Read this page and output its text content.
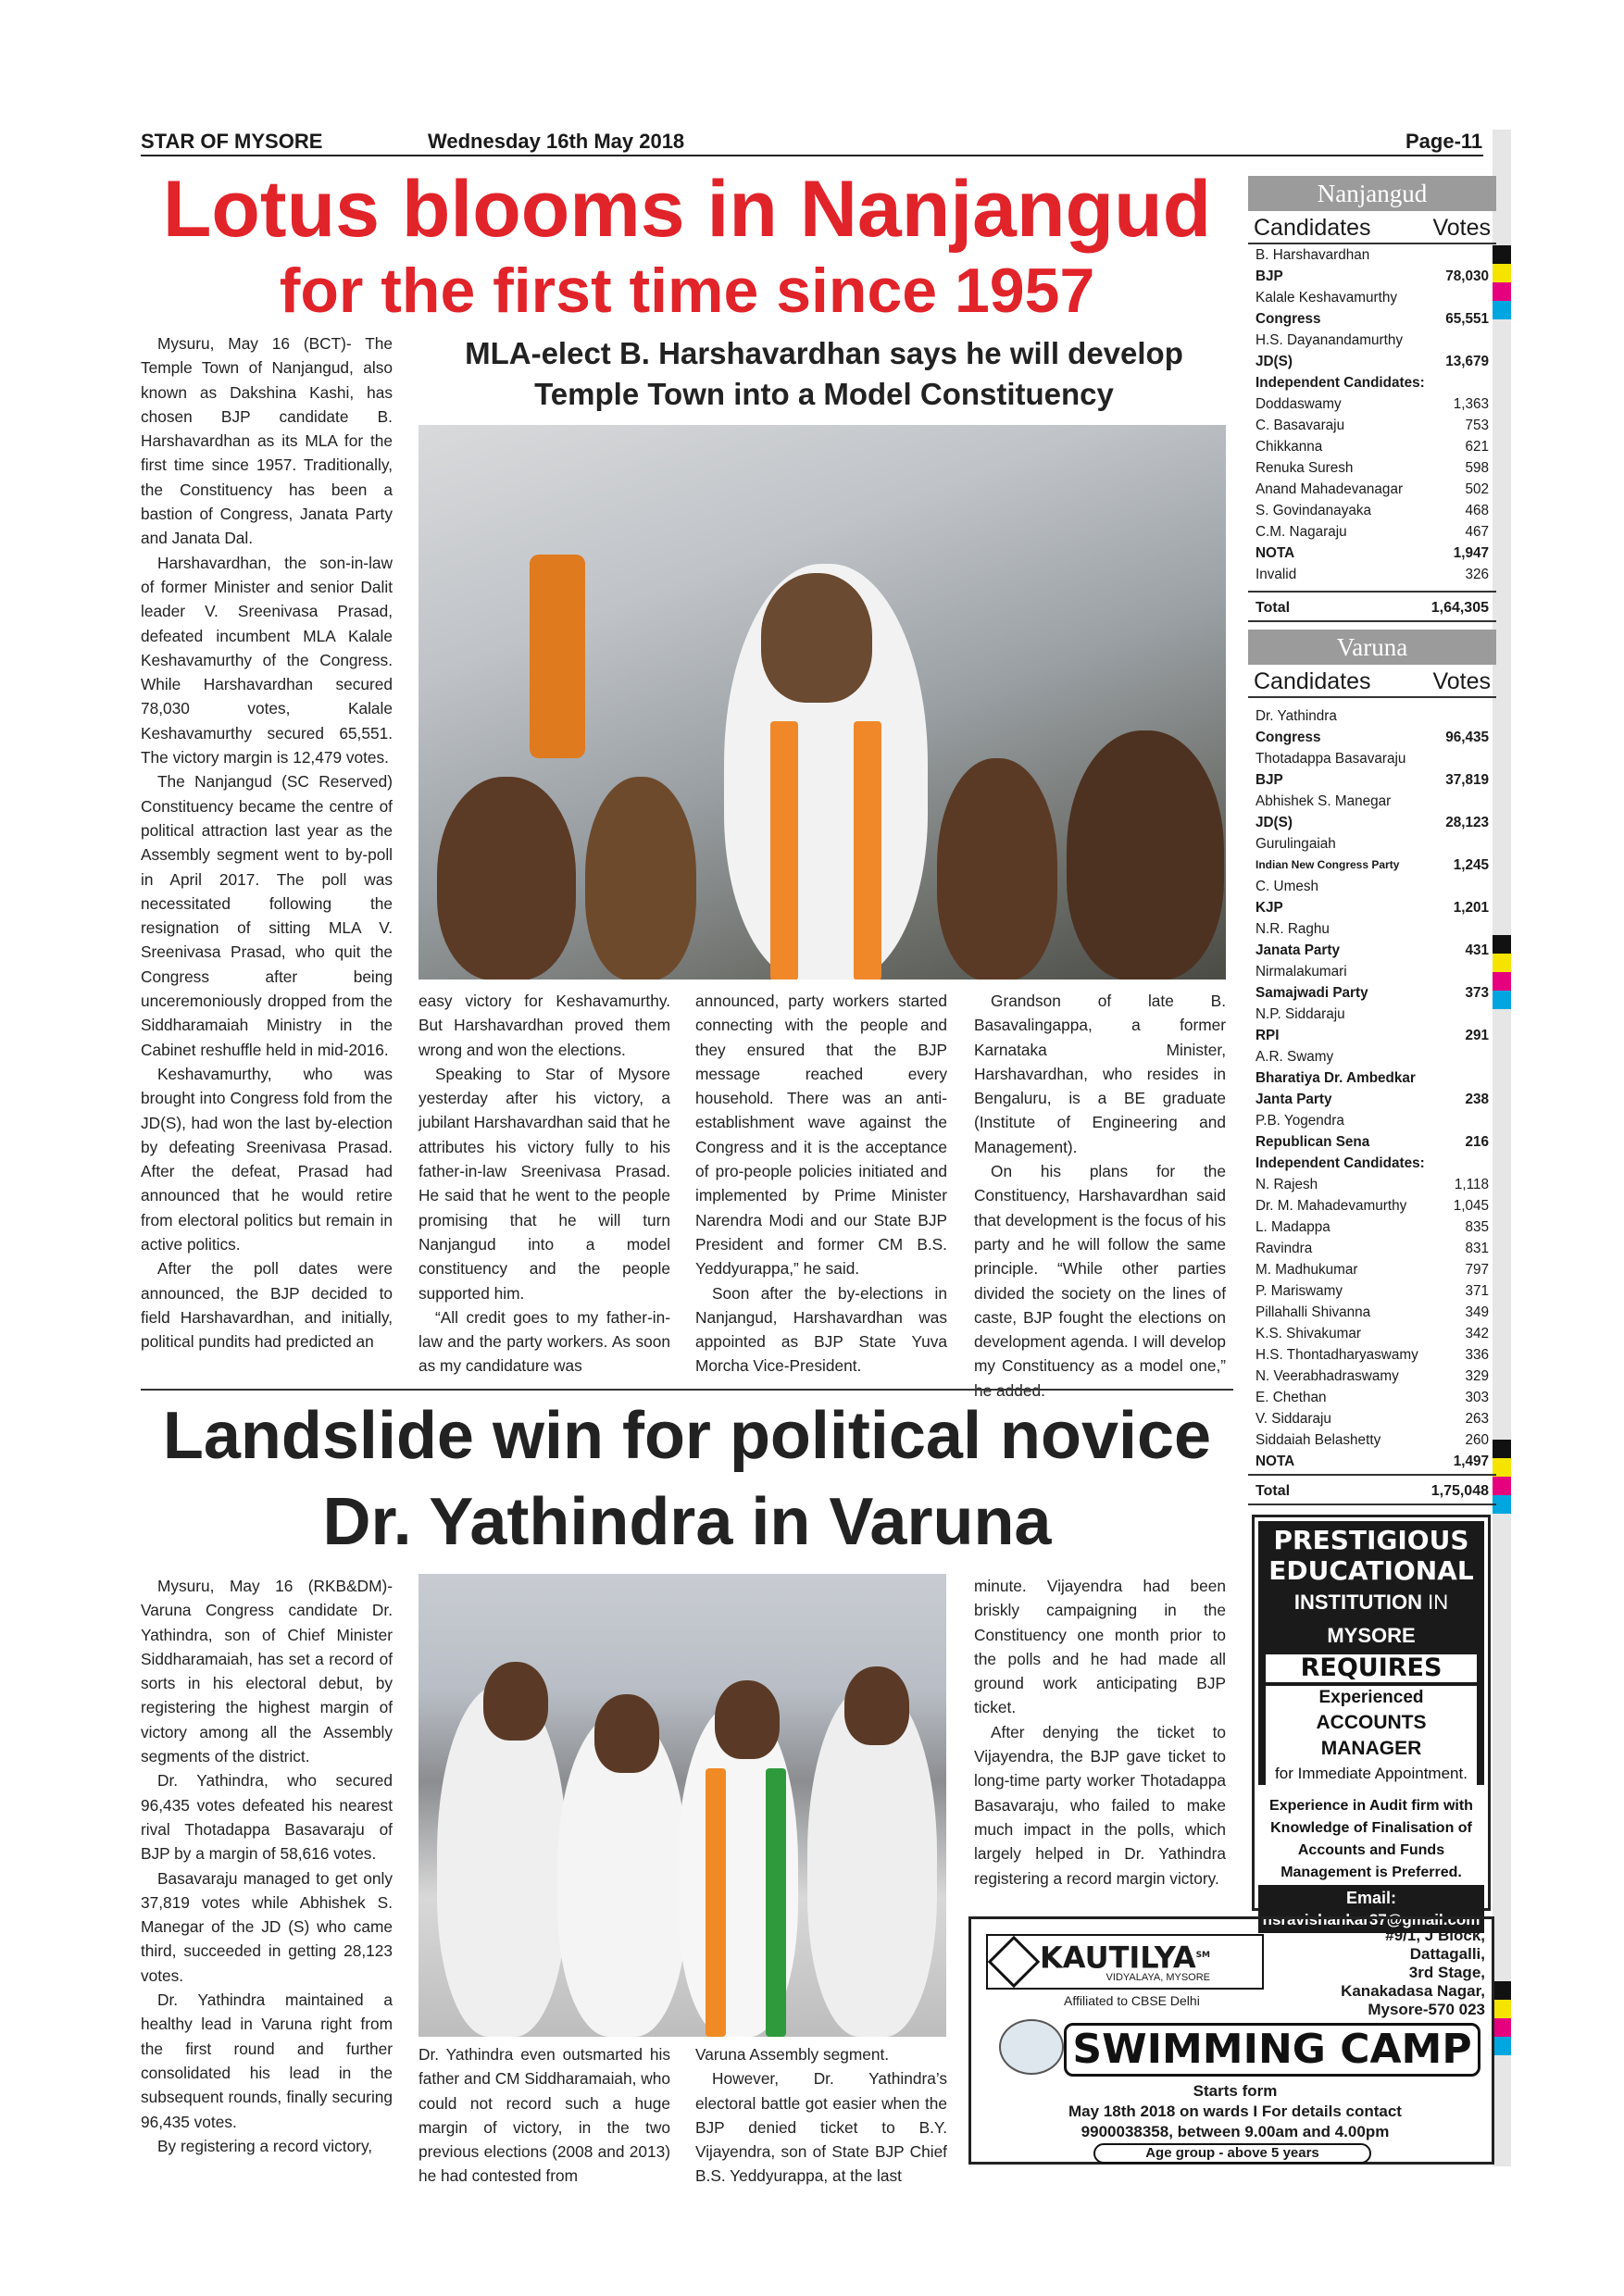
STAR OF MYSORE	Wednesday 16th May 2018	Page-11
Lotus blooms in Nanjangud
for the first time since 1957
MLA-elect B. Harshavardhan says he will develop
Temple Town into a Model Constituency

Mysuru, May 16 (BCT)- The Temple Town of Nanjangud, also known as Dakshina Kashi, has chosen BJP candidate B. Harshavardhan as its MLA for the first time since 1957. Traditionally, the Constituency has been a bastion of Congress, Janata Party and Janata Dal.

Harshavardhan, the son-in-law of former Minister and senior Dalit leader V. Sreenivasa Prasad, defeated incumbent MLA Kalale Keshavamurthy of the Congress. While Harshavardhan secured 78,030 votes, Kalale Keshavamurthy secured 65,551. The victory margin is 12,479 votes.

The Nanjangud (SC Reserved) Constituency became the centre of political attraction last year as the Assembly segment went to by-poll in April 2017. The poll was necessitated following the resignation of sitting MLA V. Sreenivasa Prasad, who quit the Congress after being unceremoniously dropped from the Siddharamaiah Ministry in the Cabinet reshuffle held in mid-2016.

Keshavamurthy, who was brought into Congress fold from the JD(S), had won the last by-election by defeating Sreenivasa Prasad. After the defeat, Prasad had announced that he would retire from electoral politics but remain in active politics.

After the poll dates were announced, the BJP decided to field Harshavardhan, and initially, political pundits had predicted an

easy victory for Keshavamurthy. But Harshavardhan proved them wrong and won the elections.

Speaking to Star of Mysore yesterday after his victory, a jubilant Harshavardhan said that he attributes his victory fully to his father-in-law Sreenivasa Prasad. He said that he went to the people promising that he will turn Nanjangud into a model constituency and the people supported him.

“All credit goes to my father-in-law and the party workers. As soon as my candidature was

announced, party workers started connecting with the people and they ensured that the BJP message reached every household. There was an anti-establishment wave against the Congress and it is the acceptance of pro-people policies initiated and implemented by Prime Minister Narendra Modi and our State BJP President and former CM B.S. Yeddyurappa,” he said.

Soon after the by-elections in Nanjangud, Harshavardhan was appointed as BJP State Yuva Morcha Vice-President.

Grandson of late B. Basavalingappa, a former Karnataka Minister, Harshavardhan, who resides in Bengaluru, is a BE graduate (Institute of Engineering and Management).

On his plans for the Constituency, Harshavardhan said that development is the focus of his party and he will follow the same principle. “While other parties divided the society on the lines of caste, BJP fought the elections on development agenda. I will develop my Constituency as a model one,”

Landslide win for political novice
Dr. Yathindra in Varuna

Mysuru, May 16 (RKB&DM)- Varuna Congress candidate Dr. Yathindra, son of Chief Minister Siddharamaiah, has set a record of sorts in his electoral debut, by registering the highest margin of victory among all the Assembly segments of the district.

Dr. Yathindra, who secured 96,435 votes defeated his nearest rival Thotadappa Basavaraju of BJP by a margin of 58,616 votes.

Basavaraju managed to get only 37,819 votes while Abhishek S. Manegar of the JD (S) who came third, succeeded in getting 28,123 votes.

Dr. Yathindra maintained a healthy lead in Varuna right from the first round and further consolidated his lead in the subsequent rounds, finally securing 96,435 votes.

By registering a record victory,

Dr. Yathindra even outsmarted his father and CM Siddharamaiah, who could not record such a huge margin of victory, in the two previous elections (2008 and 2013) he had contested from

Varuna Assembly segment.

However, Dr. Yathindra’s electoral battle got easier when the BJP denied ticket to B.Y. Vijayendra, son of State BJP Chief B.S. Yeddyurappa, at the last

minute. Vijayendra had been briskly campaigning in the Constituency one month prior to the polls and he had made all ground work anticipating BJP ticket.

After denying the ticket to Vijayendra, the BJP gave ticket to long-time party worker Thotadappa Basavaraju, who failed to make much impact in the polls, which largely helped in Dr. Yathindra registering a record margin victory.

Nanjangud
Candidates	Votes
B. Harshavardhan
BJP	78,030
Kalale Keshavamurthy
Congress	65,551
H.S. Dayanandamurthy
JD(S)	13,679
Independent Candidates:
Doddaswamy	1,363
C. Basavaraju	753
Chikkanna	621
Renuka Suresh	598
Anand Mahadevanagar	502
S. Govindanayaka	468
C.M. Nagaraju	467
NOTA	1,947
Invalid	326
Total	1,64,305
Varuna
Candidates	Votes
Dr. Yathindra
Congress	96,435
Thotadappa Basavaraju
BJP	37,819
Abhishek S. Manegar
JD(S)	28,123
Gurulingaiah
Indian New Congress Party	1,245
C. Umesh
KJP	1,201
N.R. Raghu
Janata Party	431
Nirmalakumari
Samajwadi Party	373
N.P. Siddaraju
RPI	291
A.R. Swamy
Bharatiya Dr. Ambedkar
Janta Party	238
P.B. Yogendra
Republican Sena	216
Independent Candidates:
N. Rajesh	1,118
Dr. M. Mahadevamurthy	1,045
L. Madappa	835
Ravindra	831
M. Madhukumar	797
P. Mariswamy	371
Pillahalli Shivanna	349
K.S. Shivakumar	342
H.S. Thontadharyaswamy	336
N. Veerabhadraswamy	329
E. Chethan	303
V. Siddaraju	263
Siddaiah Belashetty	260
NOTA	1,497
Total	1,75,048
PRESTIGIOUS
EDUCATIONAL
INSTITUTION IN MYSORE
REQUIRES
Experienced
ACCOUNTS MANAGER
for Immediate Appointment.
Experience in Audit firm with Knowledge of Finalisation of Accounts and Funds Management is Preferred.
Email:
nsravishankar37@gmail.com
KAUTILYA℠
VIDYALAYA, MYSORE
Affiliated to CBSE Delhi
#9/1, J Block,
Dattagalli,
3rd Stage,
Kanakadasa Nagar,
Mysore-570 023
SWIMMING CAMP
Starts form
May 18th 2018 on wards I For details contact
9900038358, between 9.00am and 4.00pm
Age group - above 5 years
